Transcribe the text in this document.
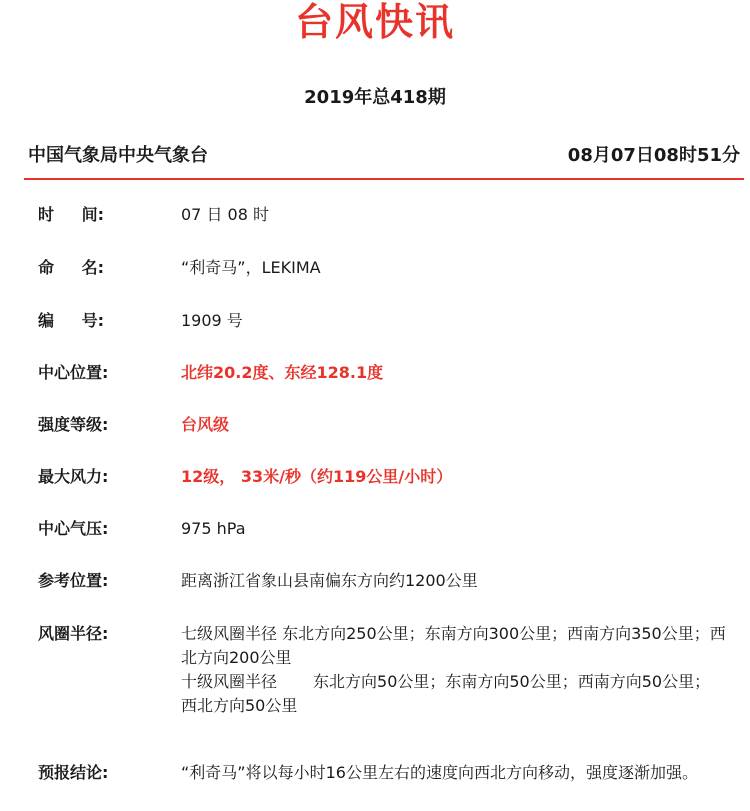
台风快讯
2019年总418期
中国气象局中央气象台	08月07日08时51分
时 间:	07 日 08 时
命 名:	“利奇马”，LEKIMA
编 号:	1909 号
中心位置:	北纬20.2度、东经128.1度
强度等级:	台风级
最大风力:	12级， 33米/秒（约119公里/小时）
中心气压:	975 hPa
参考位置:	距离浙江省象山县南偏东方向约1200公里
风圈半径:	七级风圈半径 东北方向250公里；东南方向300公里；西南方向350公里；西北方向200公里
十级风圈半径 东北方向50公里；东南方向50公里；西南方向50公里；西北方向50公里
预报结论:	“利奇马”将以每小时16公里左右的速度向西北方向移动，强度逐渐加强。
